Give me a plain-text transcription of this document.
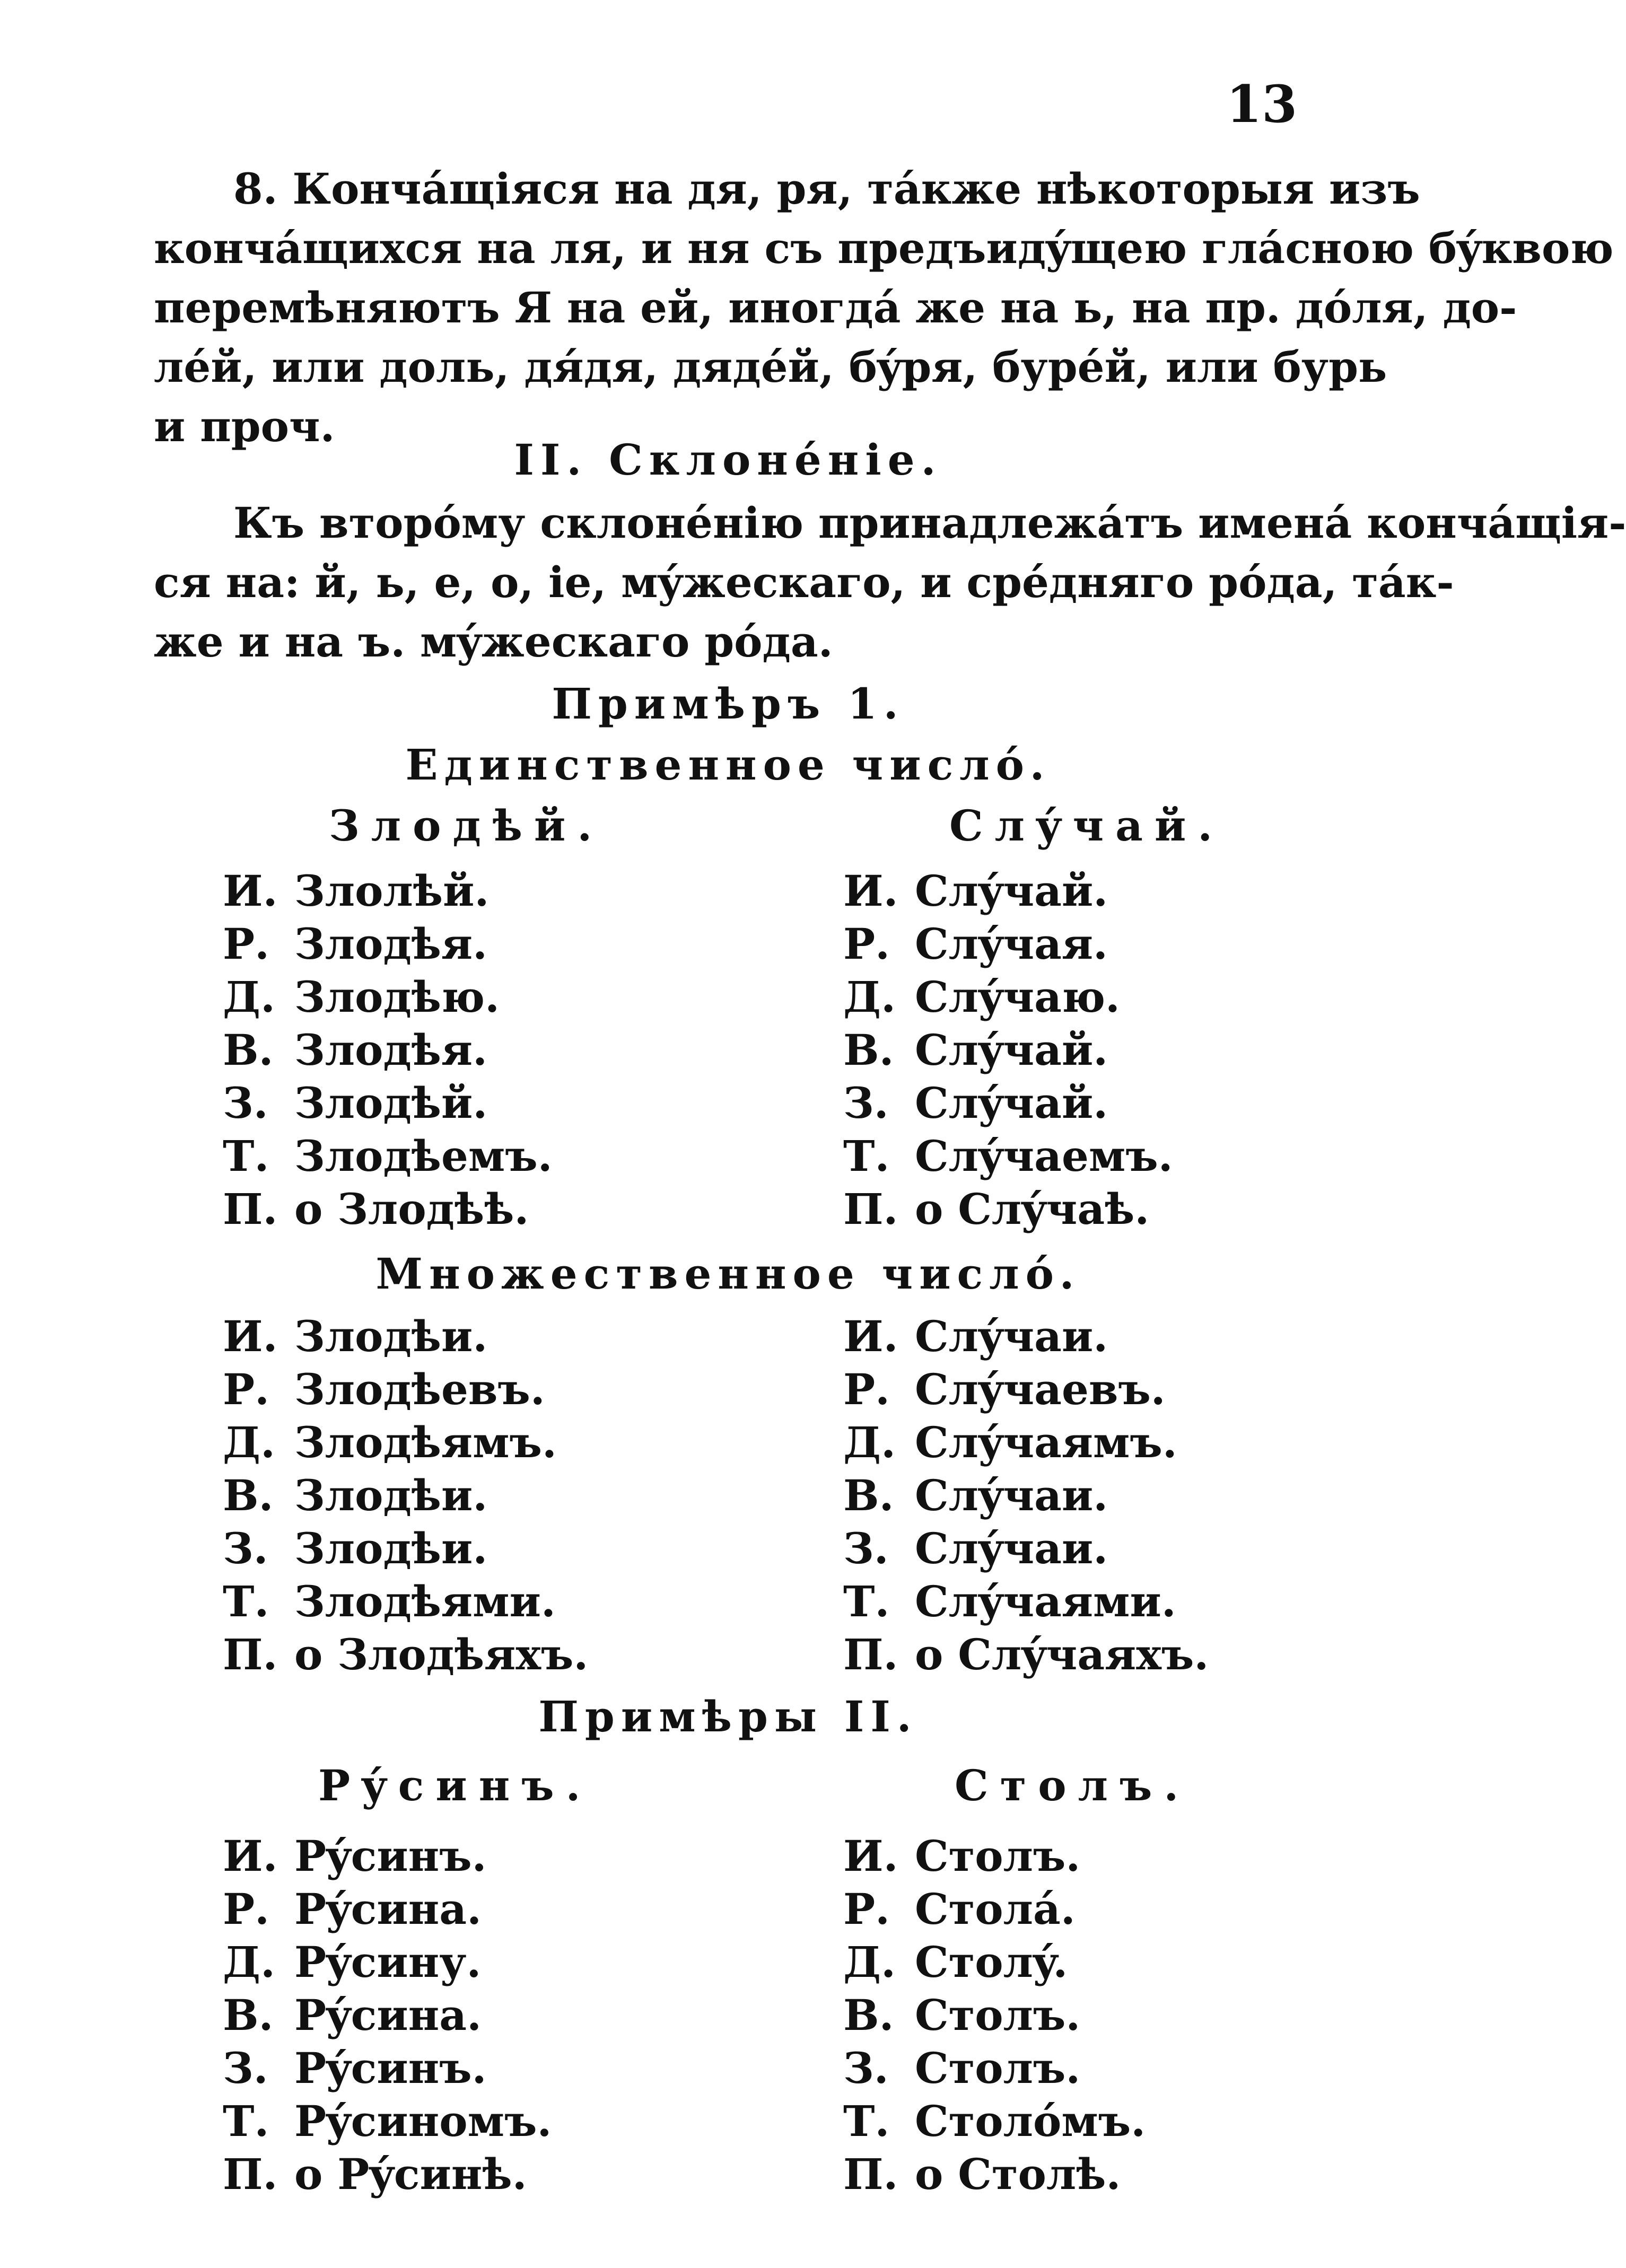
13
8. Кончáщіяся на дя, ря, тáкже нѣкоторыя изъ
кончáщихся на ля, и ня съ предъидýщею глáсною бýквою
перемѣняютъ Я на ей, иногдá же на ь, на пр. дóля, до-
лéй, или доль, дя́дя, дядéй, бýря, бурéй, или бурь
и проч.
II. Склонéніе.
Къ вторóму склонéнію принадлежáтъ именá кончáщія-
ся на: й, ь, е, о, іе, мýжескаго, и срéдняго рóда, тáк-
же и на ъ. мýжескаго рóда.
Примѣръ 1.
Единственное числó.
Злодѣй.	Слýчай.
И. Злолѣй.
Р. Злодѣя.
Д. Злодѣю.
В. Злодѣя.
З. Злодѣй.
Т. Злодѣемъ.
П. о Злодѣѣ.
И. Слýчай.
Р. Слýчая.
Д. Слýчаю.
В. Слýчай.
З. Слýчай.
Т. Слýчаемъ.
П. о Слýчаѣ.
Множественное числó.
И. Злодѣи.
Р. Злодѣевъ.
Д. Злодѣямъ.
В. Злодѣи.
З. Злодѣи.
Т. Злодѣями.
П. о Злодѣяхъ.
И. Слýчаи.
Р. Слýчаевъ.
Д. Слýчаямъ.
В. Слýчаи.
З. Слýчаи.
Т. Слýчаями.
П. о Слýчаяхъ.
Примѣры II.
Рýсинъ.	Столъ.
И. Рýсинъ.
Р. Рýсина.
Д. Рýсину.
В. Рýсина.
З. Рýсинъ.
Т. Рýсиномъ.
П. о Рýсинѣ.
И. Столъ.
Р. Столá.
Д. Столý.
В. Столъ.
З. Столъ.
Т. Столóмъ.
П. о Столѣ.
